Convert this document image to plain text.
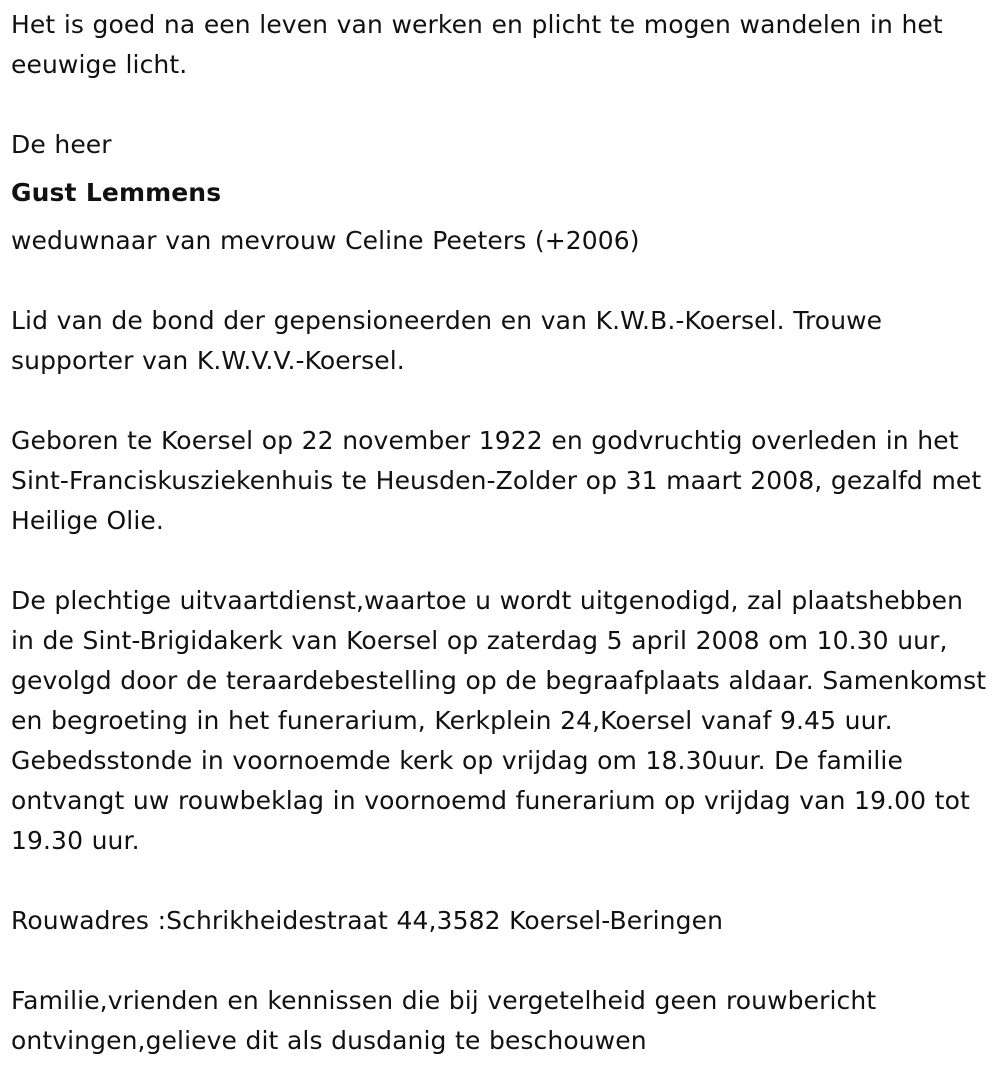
Het is goed na een leven van werken en plicht te mogen wandelen in het eeuwige licht.

De heer

Gust Lemmens

weduwnaar van mevrouw Celine Peeters (+2006)

Lid van de bond der gepensioneerden en van K.W.B.-Koersel. Trouwe supporter van K.W.V.V.-Koersel.

Geboren te Koersel op 22 november 1922 en godvruchtig overleden in het Sint-Franciskusziekenhuis te Heusden-Zolder op 31 maart 2008, gezalfd met Heilige Olie.

De plechtige uitvaartdienst,waartoe u wordt uitgenodigd, zal plaatshebben in de Sint-Brigidakerk van Koersel op zaterdag 5 april 2008 om 10.30 uur, gevolgd door de teraardebestelling op de begraafplaats aldaar. Samenkomst en begroeting in het funerarium, Kerkplein 24,Koersel vanaf 9.45 uur. Gebedsstonde in voornoemde kerk op vrijdag om 18.30uur. De familie ontvangt uw rouwbeklag in voornoemd funerarium op vrijdag van 19.00 tot 19.30 uur.

Rouwadres :Schrikheidestraat 44,3582 Koersel-Beringen

Familie,vrienden en kennissen die bij vergetelheid geen rouwbericht ontvingen,gelieve dit als dusdanig te beschouwen
